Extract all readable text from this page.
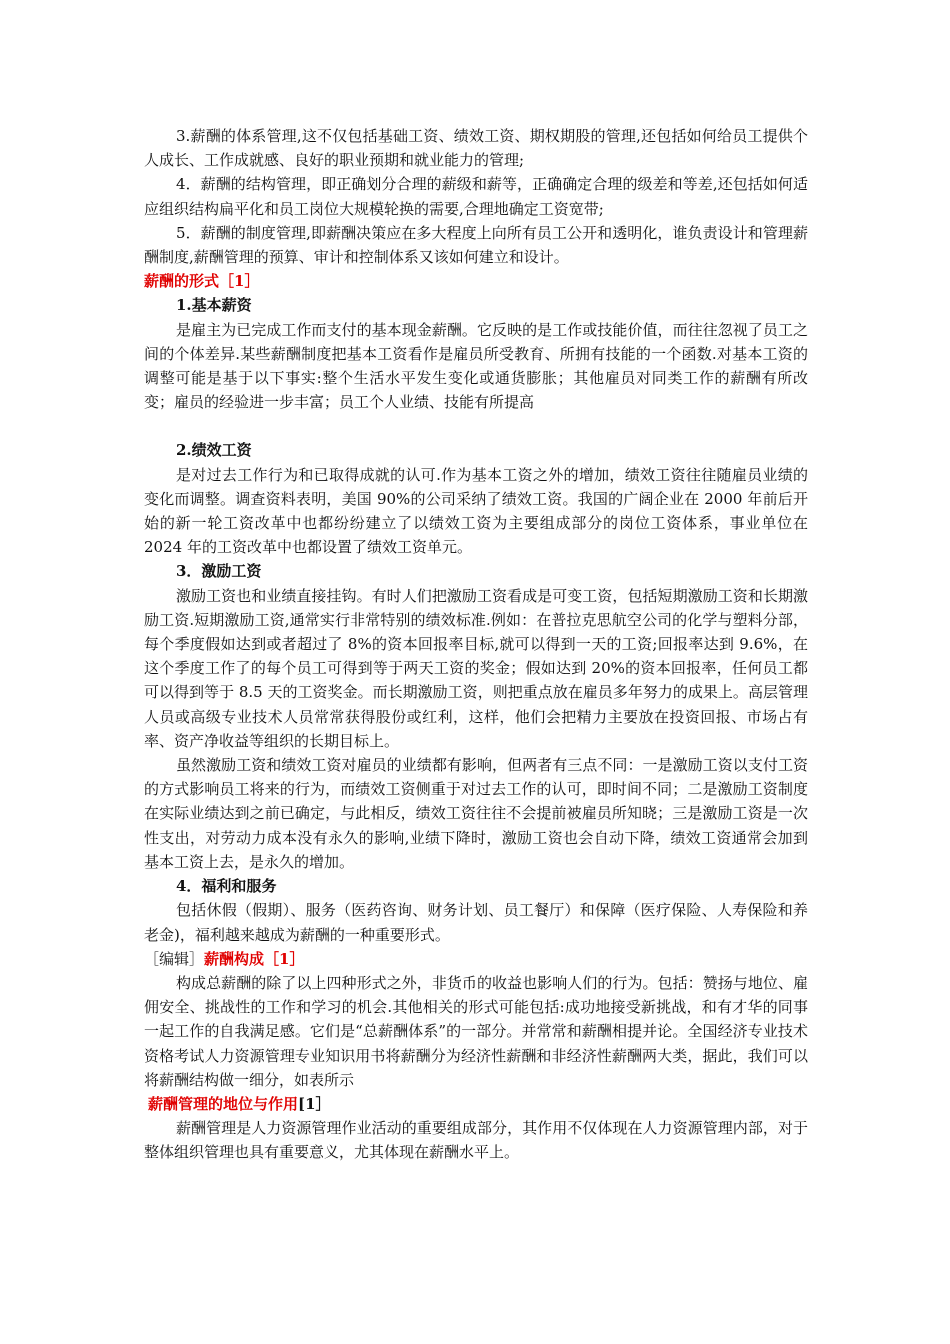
3.薪酬的体系管理,这不仅包括基础工资、绩效工资、期权期股的管理,还包括如何给员工提供个人成长、工作成就感、良好的职业预期和就业能力的管理;

4．薪酬的结构管理，即正确划分合理的薪级和薪等，正确确定合理的级差和等差,还包括如何适应组织结构扁平化和员工岗位大规模轮换的需要,合理地确定工资宽带;

5．薪酬的制度管理,即薪酬决策应在多大程度上向所有员工公开和透明化，谁负责设计和管理薪酬制度,薪酬管理的预算、审计和控制体系又该如何建立和设计。

薪酬的形式［1］

1.基本薪资

是雇主为已完成工作而支付的基本现金薪酬。它反映的是工作或技能价值，而往往忽视了员工之间的个体差异.某些薪酬制度把基本工资看作是雇员所受教育、所拥有技能的一个函数.对基本工资的调整可能是基于以下事实:整个生活水平发生变化或通货膨胀；其他雇员对同类工作的薪酬有所改变；雇员的经验进一步丰富；员工个人业绩、技能有所提高

2.绩效工资

是对过去工作行为和已取得成就的认可.作为基本工资之外的增加，绩效工资往往随雇员业绩的变化而调整。调查资料表明，美国 90%的公司采纳了绩效工资。我国的广阔企业在 2000 年前后开始的新一轮工资改革中也都纷纷建立了以绩效工资为主要组成部分的岗位工资体系，事业单位在 2024 年的工资改革中也都设置了绩效工资单元。

3．激励工资

激励工资也和业绩直接挂钩。有时人们把激励工资看成是可变工资，包括短期激励工资和长期激励工资.短期激励工资,通常实行非常特别的绩效标准.例如：在普拉克思航空公司的化学与塑料分部，每个季度假如达到或者超过了 8%的资本回报率目标,就可以得到一天的工资;回报率达到 9.6%，在这个季度工作了的每个员工可得到等于两天工资的奖金；假如达到 20%的资本回报率，任何员工都可以得到等于 8.5 天的工资奖金。而长期激励工资，则把重点放在雇员多年努力的成果上。高层管理人员或高级专业技术人员常常获得股份或红利，这样，他们会把精力主要放在投资回报、市场占有率、资产净收益等组织的长期目标上。

虽然激励工资和绩效工资对雇员的业绩都有影响，但两者有三点不同：一是激励工资以支付工资的方式影响员工将来的行为，而绩效工资侧重于对过去工作的认可，即时间不同；二是激励工资制度在实际业绩达到之前已确定，与此相反，绩效工资往往不会提前被雇员所知晓；三是激励工资是一次性支出，对劳动力成本没有永久的影响,业绩下降时，激励工资也会自动下降，绩效工资通常会加到基本工资上去，是永久的增加。

4．福利和服务

包括休假（假期）、服务（医药咨询、财务计划、员工餐厅）和保障（医疗保险、人寿保险和养老金)，福利越来越成为薪酬的一种重要形式。

［编辑］薪酬构成［1］

构成总薪酬的除了以上四种形式之外，非货币的收益也影响人们的行为。包括：赞扬与地位、雇佣安全、挑战性的工作和学习的机会.其他相关的形式可能包括:成功地接受新挑战，和有才华的同事一起工作的自我满足感。它们是“总薪酬体系”的一部分。并常常和薪酬相提并论。全国经济专业技术资格考试人力资源管理专业知识用书将薪酬分为经济性薪酬和非经济性薪酬两大类，据此，我们可以将薪酬结构做一细分，如表所示

薪酬管理的地位与作用[1］

薪酬管理是人力资源管理作业活动的重要组成部分，其作用不仅体现在人力资源管理内部，对于整体组织管理也具有重要意义，尤其体现在薪酬水平上。
